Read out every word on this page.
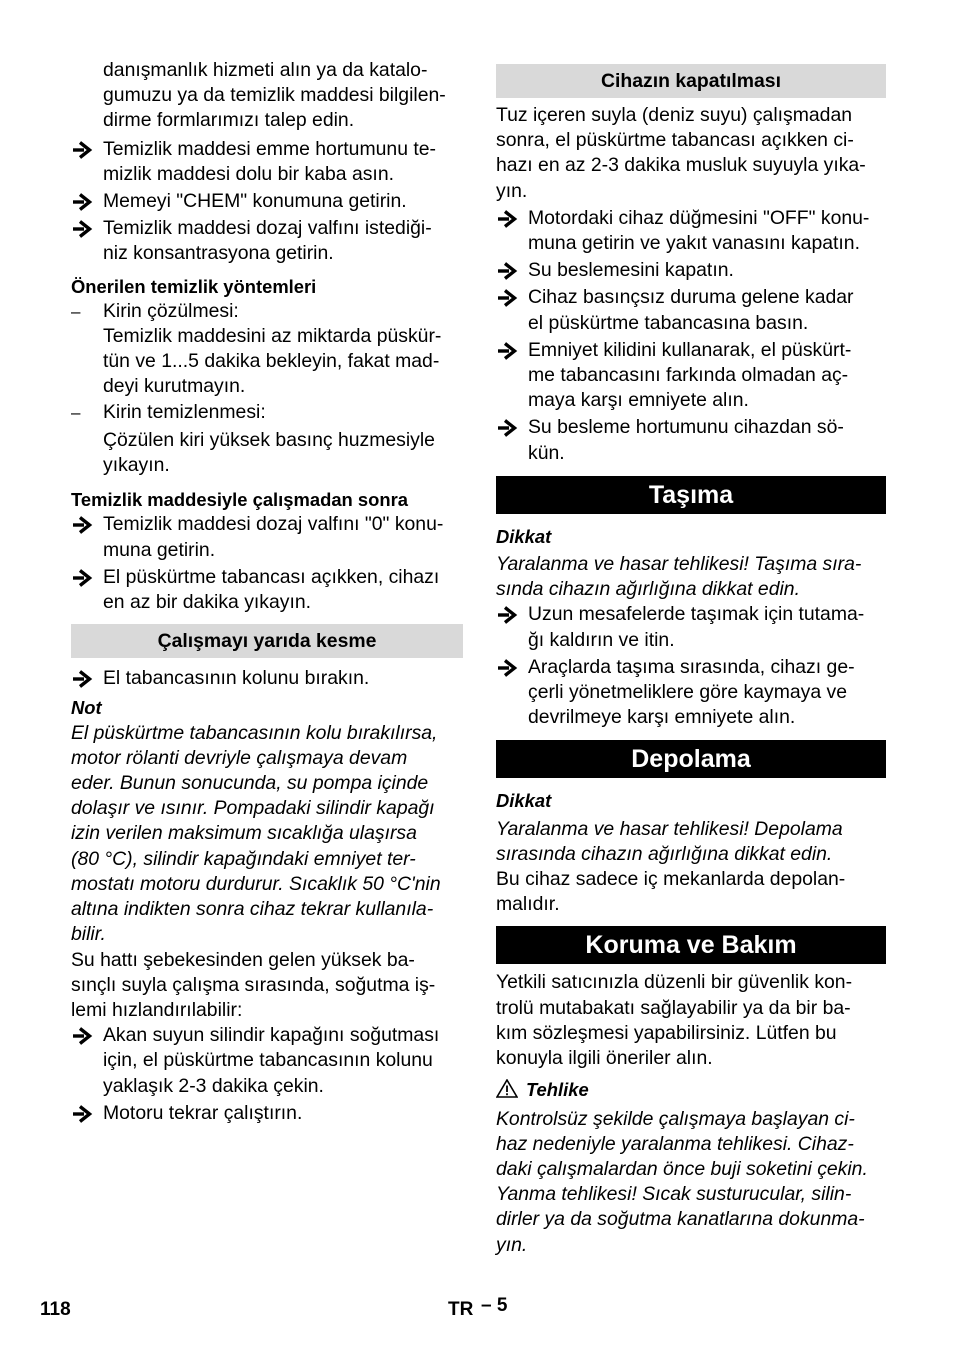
danışmanlık hizmeti alın ya da katalo-
gumuzu ya da temizlik maddesi bilgilen-
dirme formlarımızı talep edin.
Temizlik maddesi emme hortumunu te-
mizlik maddesi dolu bir kaba asın.
Memeyi "CHEM" konumuna getirin.
Temizlik maddesi dozaj valfını istediği-
niz konsantrasyona getirin.
Önerilen temizlik yöntemleri
– Kirin çözülmesi:
Temizlik maddesini az miktarda püskür-
tün ve 1...5 dakika bekleyin, fakat mad-
deyi kurutmayın.
– Kirin temizlenmesi:
Çözülen kiri yüksek basınç huzmesiyle
yıkayın.
Temizlik maddesiyle çalışmadan sonra
Temizlik maddesi dozaj valfını "0" konu-
muna getirin.
El püskürtme tabancası açıkken, cihazı
en az bir dakika yıkayın.
Çalışmayı yarıda kesme
El tabancasının kolunu bırakın.
Not
El püskürtme tabancasının kolu bırakılırsa,
motor rölanti devriyle çalışmaya devam
eder. Bunun sonucunda, su pompa içinde
dolaşır ve ısınır. Pompadaki silindir kapağı
izin verilen maksimum sıcaklığa ulaşırsa
(80 °C), silindir kapağındaki emniyet ter-
mostatı motoru durdurur. Sıcaklık 50 °C'nin
altına indikten sonra cihaz tekrar kullanıla-
bilir.
Su hattı şebekesinden gelen yüksek ba-
sınçlı suyla çalışma sırasında, soğutma iş-
lemi hızlandırılabilir:
Akan suyun silindir kapağını soğutması
için, el püskürtme tabancasının kolunu
yaklaşık 2-3 dakika çekin.
Motoru tekrar çalıştırın.
Cihazın kapatılması
Tuz içeren suyla (deniz suyu) çalışmadan
sonra, el püskürtme tabancası açıkken ci-
hazı en az 2-3 dakika musluk suyuyla yıka-
yın.
Motordaki cihaz düğmesini "OFF" konu-
muna getirin ve yakıt vanasını kapatın.
Su beslemesini kapatın.
Cihaz basınçsız duruma gelene kadar
el püskürtme tabancasına basın.
Emniyet kilidini kullanarak, el püskürt-
me tabancasını farkında olmadan aç-
maya karşı emniyete alın.
Su besleme hortumunu cihazdan sö-
kün.
Taşıma
Dikkat
Yaralanma ve hasar tehlikesi! Taşıma sıra-
sında cihazın ağırlığına dikkat edin.
Uzun mesafelerde taşımak için tutama-
ğı kaldırın ve itin.
Araçlarda taşıma sırasında, cihazı ge-
çerli yönetmeliklere göre kaymaya ve
devrilmeye karşı emniyete alın.
Depolama
Dikkat
Yaralanma ve hasar tehlikesi! Depolama
sırasında cihazın ağırlığına dikkat edin.
Bu cihaz sadece iç mekanlarda depolan-
malıdır.
Koruma ve Bakım
Yetkili satıcınızla düzenli bir güvenlik kon-
trolü mutabakatı sağlayabilir ya da bir ba-
kım sözleşmesi yapabilirsiniz. Lütfen bu
konuyla ilgili öneriler alın.
Tehlike
Kontrolsüz şekilde çalışmaya başlayan ci-
haz nedeniyle yaralanma tehlikesi. Cihaz-
daki çalışmalardan önce buji soketini çekin.
Yanma tehlikesi! Sıcak susturucular, silin-
dirler ya da soğutma kanatlarına dokunma-
yın.
118	TR – 5
